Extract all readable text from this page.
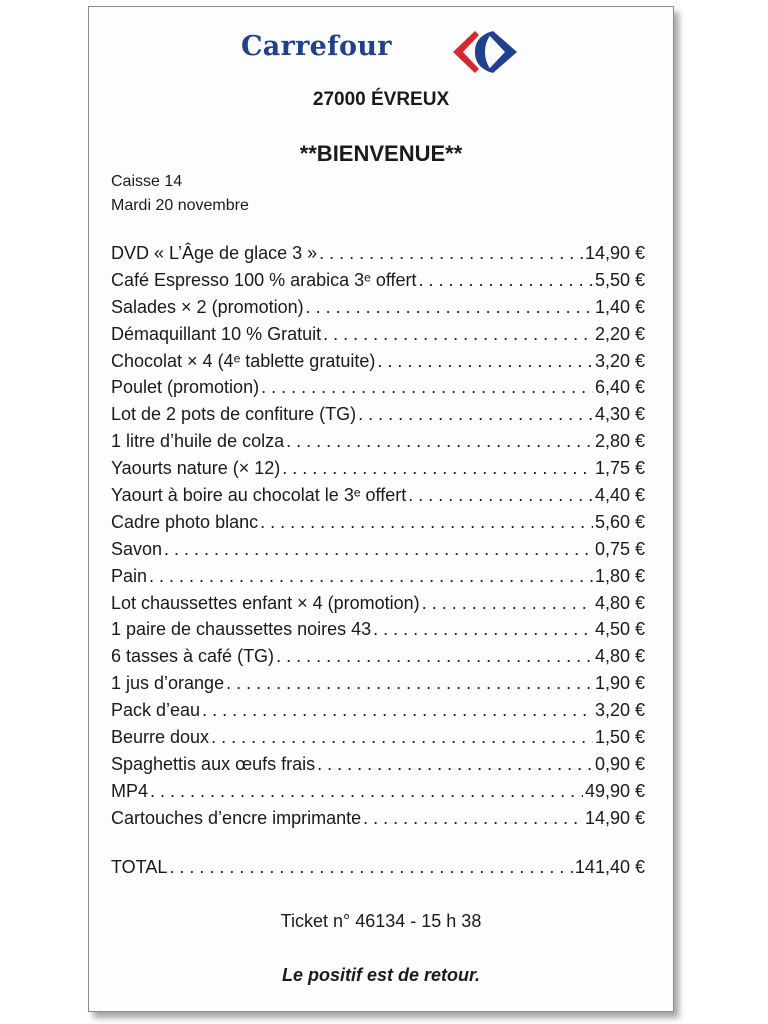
Carrefour
27000 ÉVREUX
**BIENVENUE**
Caisse 14
Mardi 20 novembre
DVD « L’Âge de glace 3 » . . .	14,90 €
Café Espresso 100 % arabica 3ᵉ offert . . .	5,50 €
Salades × 2 (promotion) . . .	1,40 €
Démaquillant 10 % Gratuit . . .	2,20 €
Chocolat × 4 (4ᵉ tablette gratuite) . . .	3,20 €
Poulet (promotion) . . .	6,40 €
Lot de 2 pots de confiture (TG) . . .	4,30 €
1 litre d’huile de colza . . .	2,80 €
Yaourts nature (× 12) . . .	1,75 €
Yaourt à boire au chocolat le 3ᵉ offert . . .	4,40 €
Cadre photo blanc . . .	5,60 €
Savon . . .	0,75 €
Pain . . .	1,80 €
Lot chaussettes enfant × 4 (promotion) . . .	4,80 €
1 paire de chaussettes noires 43 . . .	4,50 €
6 tasses à café (TG) . . .	4,80 €
1 jus d’orange . . .	1,90 €
Pack d’eau . . .	3,20 €
Beurre doux . . .	1,50 €
Spaghettis aux œufs frais . . .	0,90 €
MP4 . . .	49,90 €
Cartouches d’encre imprimante . . .	14,90 €
TOTAL . . .	141,40 €
Ticket n° 46134 - 15 h 38
Le positif est de retour.
